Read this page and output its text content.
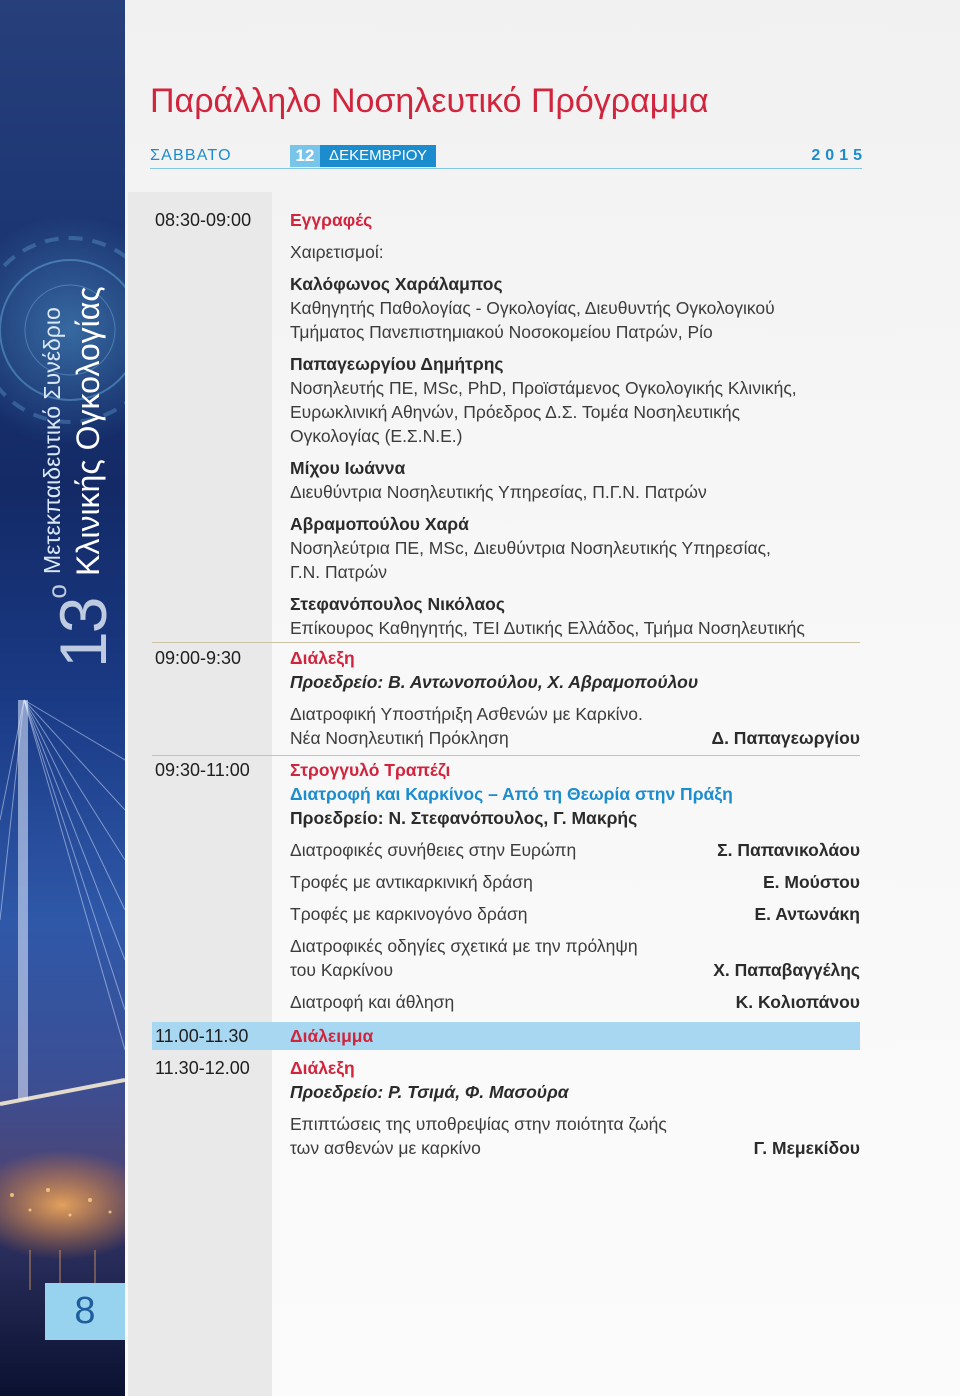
Μετεκπαιδευτικό Συνέδριο Κλινικής Ογκολογίας
$13^o$
8
Παράλληλο Νοσηλευτικό Πρόγραμμα
ΣΑΒΒΑΤΟ	12 ΔΕΚΕΜΒΡΙΟΥ	2015
08:30-09:00 Εγγραφές
Χαιρετισμοί:
Καλόφωνος Χαράλαμπος
Καθηγητής Παθολογίας - Ογκολογίας, Διευθυντής Ογκολογικού
Τμήματος Πανεπιστημιακού Νοσοκομείου Πατρών, Ρίο
Παπαγεωργίου Δημήτρης
Νοσηλευτής ΠΕ, MSc, PhD, Προϊστάμενος Ογκολογικής Κλινικής,
Ευρωκλινική Αθηνών, Πρόεδρος Δ.Σ. Τομέα Νοσηλευτικής
Ογκολογίας (Ε.Σ.Ν.Ε.)
Μίχου Ιωάννα
Διευθύντρια Νοσηλευτικής Υπηρεσίας, Π.Γ.Ν. Πατρών
Αβραμοπούλου Χαρά
Νοσηλεύτρια ΠΕ, MSc, Διευθύντρια Νοσηλευτικής Υπηρεσίας,
Γ.Ν. Πατρών
Στεφανόπουλος Νικόλαος
Επίκουρος Καθηγητής, ΤΕΙ Δυτικής Ελλάδος, Τμήμα Νοσηλευτικής
09:00-9:30	Διάλεξη
Προεδρείο: Β. Αντωνοπούλου, Χ. Αβραμοπούλου
Διατροφική Υποστήριξη Ασθενών με Καρκίνο.
Νέα Νοσηλευτική Πρόκληση	Δ. Παπαγεωργίου
09:30-11:00 Στρογγυλό Τραπέζι
Διατροφή και Καρκίνος – Από τη Θεωρία στην Πράξη
Προεδρείο: Ν. Στεφανόπουλος, Γ. Μακρής
Διατροφικές συνήθειες στην Ευρώπη	Σ. Παπανικολάου
Τροφές με αντικαρκινική δράση	Ε. Μούστου
Τροφές με καρκινογόνο δράση	Ε. Αντωνάκη
Διατροφικές οδηγίες σχετικά με την πρόληψη
του Καρκίνου	Χ. Παπαβαγγέλης
Διατροφή και άθληση	Κ. Κολιοπάνου
11.00-11.30 Διάλειμμα
11.30-12.00 Διάλεξη
Προεδρείο: Ρ. Τσιμά, Φ. Μασούρα
Επιπτώσεις της υποθρεψίας στην ποιότητα ζωής
των ασθενών με καρκίνο	Γ. Μεμεκίδου
